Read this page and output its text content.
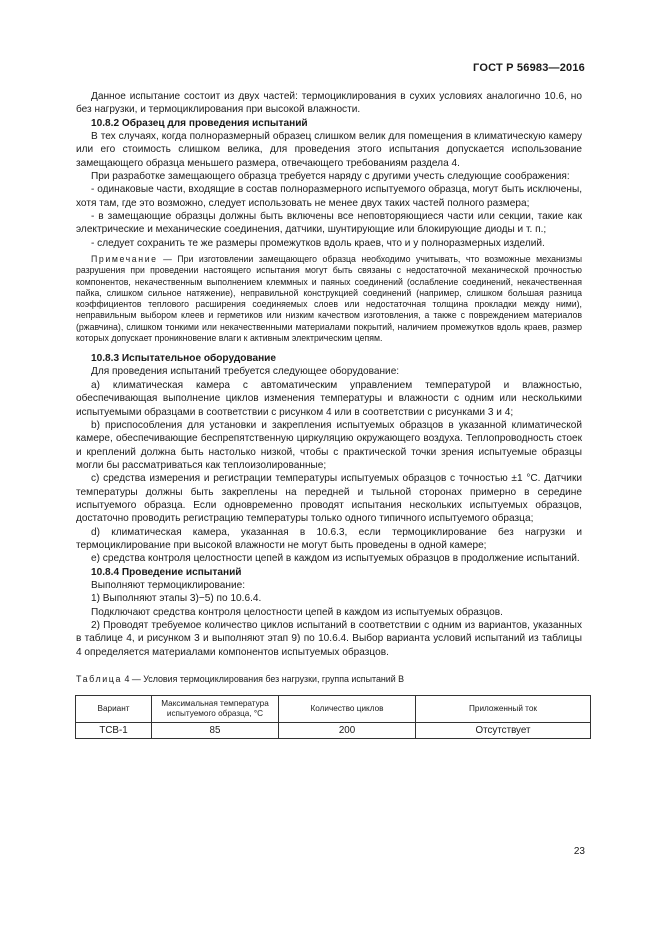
ГОСТ Р 56983—2016

Данное испытание состоит из двух частей: термоциклирования в сухих условиях аналогично 10.6, но без нагрузки, и термоциклирования при высокой влажности.

10.8.2 Образец для проведения испытаний

В тех случаях, когда полноразмерный образец слишком велик для помещения в климатическую камеру или его стоимость слишком велика, для проведения этого испытания допускается использование замещающего образца меньшего размера, отвечающего требованиям раздела 4.

При разработке замещающего образца требуется наряду с другими учесть следующие соображения:

- одинаковые части, входящие в состав полноразмерного испытуемого образца, могут быть исключены, хотя там, где это возможно, следует использовать не менее двух таких частей полного размера;

- в замещающие образцы должны быть включены все неповторяющиеся части или секции, такие как электрические и механические соединения, датчики, шунтирующие или блокирующие диоды и т. п.;

- следует сохранить те же размеры промежутков вдоль краев, что и у полноразмерных изделий.

Примечание — При изготовлении замещающего образца необходимо учитывать, что возможные механизмы разрушения при проведении настоящего испытания могут быть связаны с недостаточной механической прочностью компонентов, некачественным выполнением клеммных и паяных соединений (ослабление соединений, некачественная пайка, слишком сильное натяжение), неправильной конструкцией соединений (например, слишком большая разница коэффициентов теплового расширения соединяемых слоев или недостаточная толщина прокладки между ними), неправильным выбором клеев и герметиков или низким качеством изготовления, а также с повреждением материалов (ржавчина), слишком тонкими или некачественными материалами покрытий, наличием промежутков вдоль краев, размер которых допускает проникновение влаги к активным электрическим цепям.

10.8.3 Испытательное оборудование

Для проведения испытаний требуется следующее оборудование:

a) климатическая камера с автоматическим управлением температурой и влажностью, обеспечивающая выполнение циклов изменения температуры и влажности с одним или несколькими испытуемыми образцами в соответствии с рисунком 4 или в соответствии с рисунками 3 и 4;

b) приспособления для установки и закрепления испытуемых образцов в указанной климатической камере, обеспечивающие беспрепятственную циркуляцию окружающего воздуха. Теплопроводность стоек и креплений должна быть настолько низкой, чтобы с практической точки зрения испытуемые образцы могли бы рассматриваться как теплоизолированные;

c) средства измерения и регистрации температуры испытуемых образцов с точностью ±1 °C. Датчики температуры должны быть закреплены на передней и тыльной сторонах примерно в середине испытуемого образца. Если одновременно проводят испытания нескольких испытуемых образцов, достаточно проводить регистрацию температуры только одного типичного испытуемого образца;

d) климатическая камера, указанная в 10.6.3, если термоциклирование без нагрузки и термоциклирование при высокой влажности не могут быть проведены в одной камере;

e) средства контроля целостности цепей в каждом из испытуемых образцов в продолжение испытаний.

10.8.4 Проведение испытаний

Выполняют термоциклирование:

1) Выполняют этапы 3)−5) по 10.6.4.

Подключают средства контроля целостности цепей в каждом из испытуемых образцов.

2) Проводят требуемое количество циклов испытаний в соответствии с одним из вариантов, указанных в таблице 4, и рисунком 3 и выполняют этап 9) по 10.6.4. Выбор варианта условий испытаний из таблицы 4 определяется материалами компонентов испытуемых образцов.

Таблица 4 — Условия термоциклирования без нагрузки, группа испытаний B

Вариант	Максимальная температура испытуемого образца, °C	Количество циклов	Приложенный ток
ТСВ-1	85	200	Отсутствует
23
